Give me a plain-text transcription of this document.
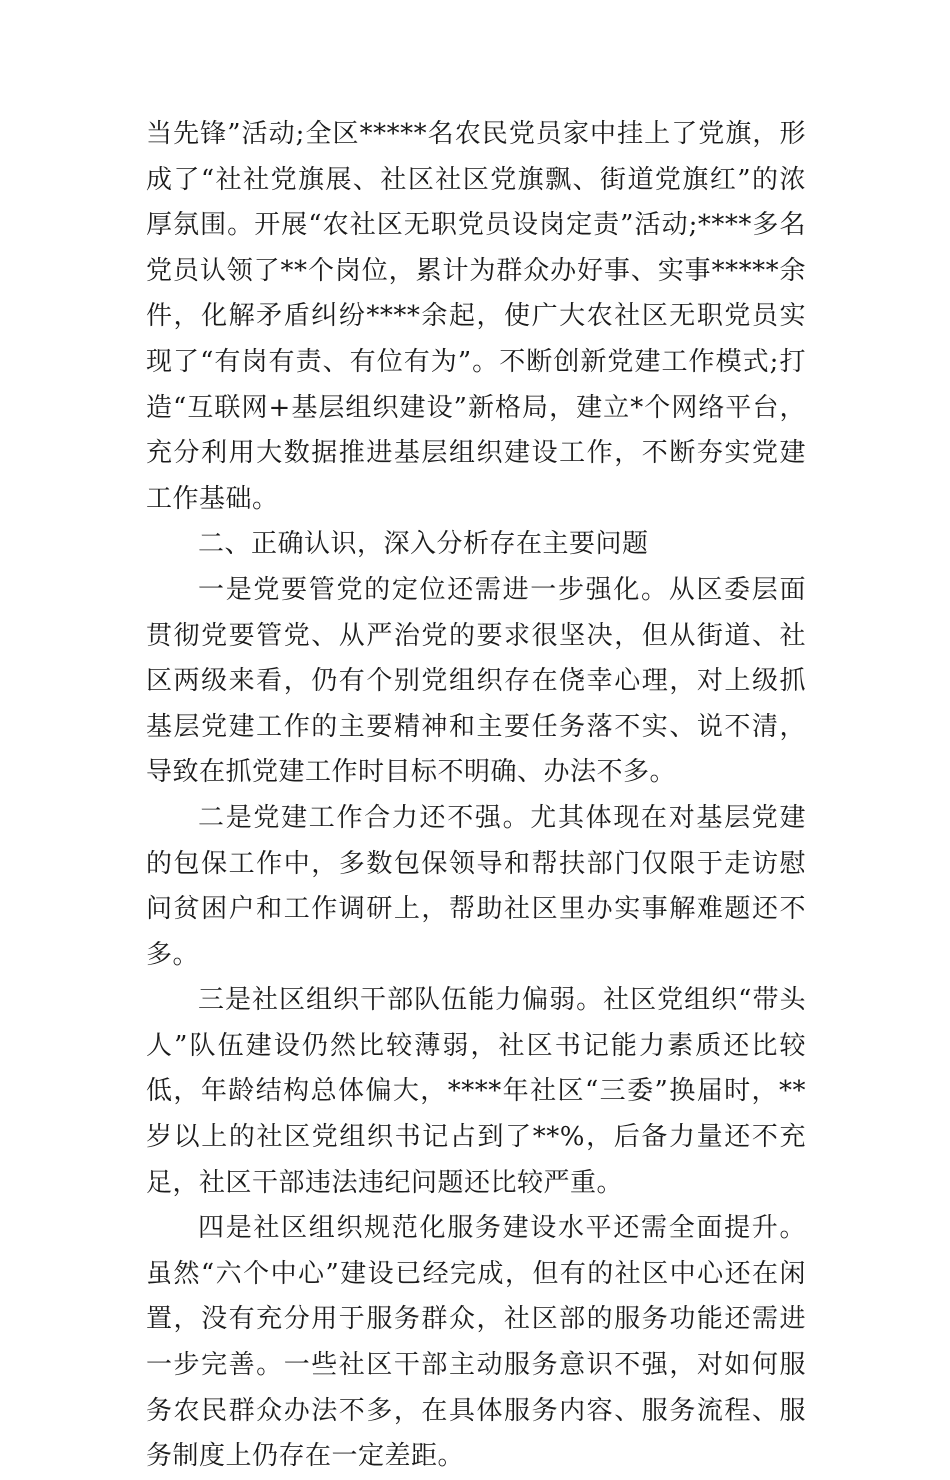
当先锋”活动;全区*****名农民党员家中挂上了党旗，形成了“社社党旗展、社区社区党旗飘、街道党旗红”的浓厚氛围。开展“农社区无职党员设岗定责”活动;****多名党员认领了**个岗位，累计为群众办好事、实事*****余件，化解矛盾纠纷****余起，使广大农社区无职党员实现了“有岗有责、有位有为”。不断创新党建工作模式;打造“互联网+基层组织建设”新格局，建立*个网络平台，充分利用大数据推进基层组织建设工作，不断夯实党建工作基础。

二、正确认识，深入分析存在主要问题

一是党要管党的定位还需进一步强化。从区委层面贯彻党要管党、从严治党的要求很坚决，但从街道、社区两级来看，仍有个别党组织存在侥幸心理，对上级抓基层党建工作的主要精神和主要任务落不实、说不清，导致在抓党建工作时目标不明确、办法不多。

二是党建工作合力还不强。尤其体现在对基层党建的包保工作中，多数包保领导和帮扶部门仅限于走访慰问贫困户和工作调研上，帮助社区里办实事解难题还不多。

三是社区组织干部队伍能力偏弱。社区党组织“带头人”队伍建设仍然比较薄弱，社区书记能力素质还比较低，年龄结构总体偏大，****年社区“三委”换届时，**岁以上的社区党组织书记占到了**%，后备力量还不充足，社区干部违法违纪问题还比较严重。

四是社区组织规范化服务建设水平还需全面提升。虽然“六个中心”建设已经完成，但有的社区中心还在闲置，没有充分用于服务群众，社区部的服务功能还需进一步完善。一些社区干部主动服务意识不强，对如何服务农民群众办法不多，在具体服务内容、服务流程、服务制度上仍存在一定差距。
